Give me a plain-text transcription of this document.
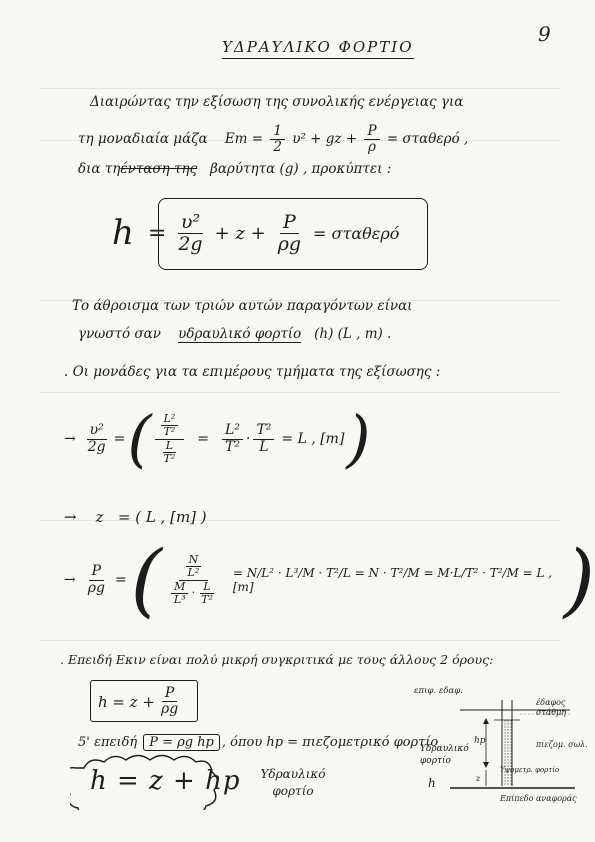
9
ΥΔΡΑΥΛΙΚΟ ΦΟΡΤΙΟ
Διαιρώντας την εξίσωση της συνολικής ενέργειας για
τη μοναδιαία μάζα $Em = \frac{1}{2} \upsilon^2$ + gz + $\frac{P}{\rho} = \sigma\tau\alpha\theta\varepsilon\rho ό$ ,
δια τηένταση της βαρύτητα (g) , προκύπτει :
$h = \frac{\text{υ²}}{2g} + z + \frac{P}{\rho g} = \sigma\tau\alpha\theta\varepsilon\rho ό$
Το άθροισμα των τριών αυτών παραγόντων είναι
γνωστό σαν υδραυλικό φορτίο (h) (L , m) .
. Οι μονάδες για τα επιμέρους τμήματα της εξίσωσης :
→ $\frac{\text{υ²}}{2g}$ = ( $\frac{\frac{\text{L²}}{\text{T²}}}{\frac{L}{\text{T²}}} = \frac{\text{L²}}{\text{T²}} \cdot \frac{\text{T²}}{L} = L$ , [m] )
→ z = ( L , [m] )
→ $\frac{P}{\rho g}$ = ( $\frac{\frac{N}{\text{L²}}}{\frac{M}{\text{L³}} \cdot \frac{L}{\text{T²}}} = N/L^2 \cdot L^3/M \cdot T^2/L = N \cdot T^2/M = M\cdot L/T^2 \cdot T^2/M = L$ , [m]	)
. Επειδή Εκιν είναι πολύ μικρή συγκριτικά με τους άλλους 2 όρους:
$h = z + \frac{P}{\rho g}$
5' επειδή P = ρg hp , όπου hp = πιεζομετρικό φορτίο
h = z + hp Υδραυλικό φορτίο
επιφ. εδαφ.
έδαφος στάθμη
hp	πιεζομ. σωλ.
Υδραυλικό φορτίο
h
Υψομετρ. φορτίο
z
Επίπεδο αναφοράς
